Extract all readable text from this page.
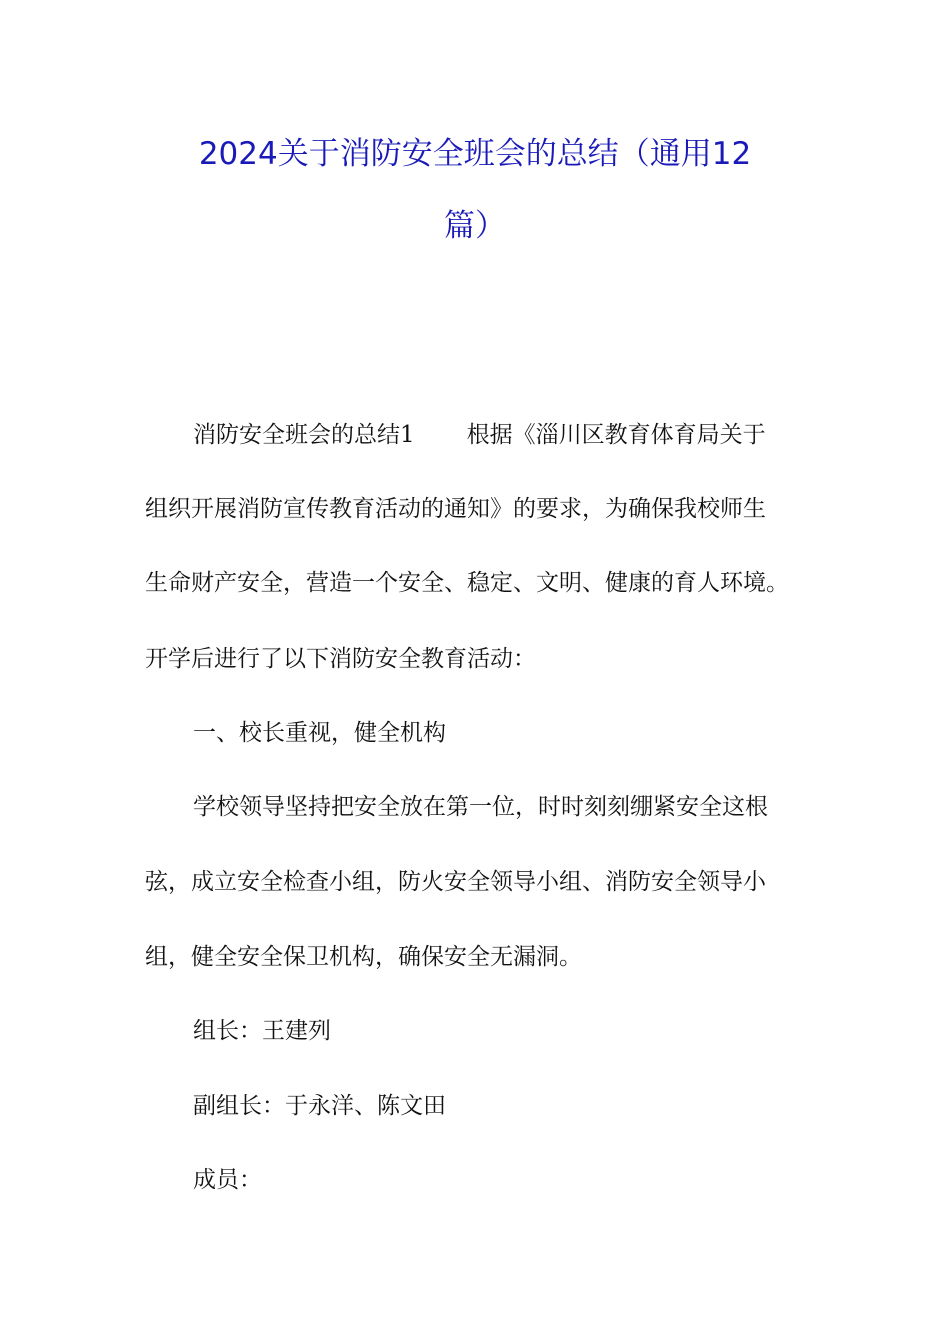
2024关于消防安全班会的总结（通用12
篇）

消防安全班会的总结1 根据《淄川区教育体育局关于

组织开展消防宣传教育活动的通知》的要求，为确保我校师生

生命财产安全，营造一个安全、稳定、文明、健康的育人环境。

开学后进行了以下消防安全教育活动：

一、校长重视，健全机构

学校领导坚持把安全放在第一位，时时刻刻绷紧安全这根

弦，成立安全检查小组，防火安全领导小组、消防安全领导小

组，健全安全保卫机构，确保安全无漏洞。

组长：王建列

副组长：于永洋、陈文田

成员：
